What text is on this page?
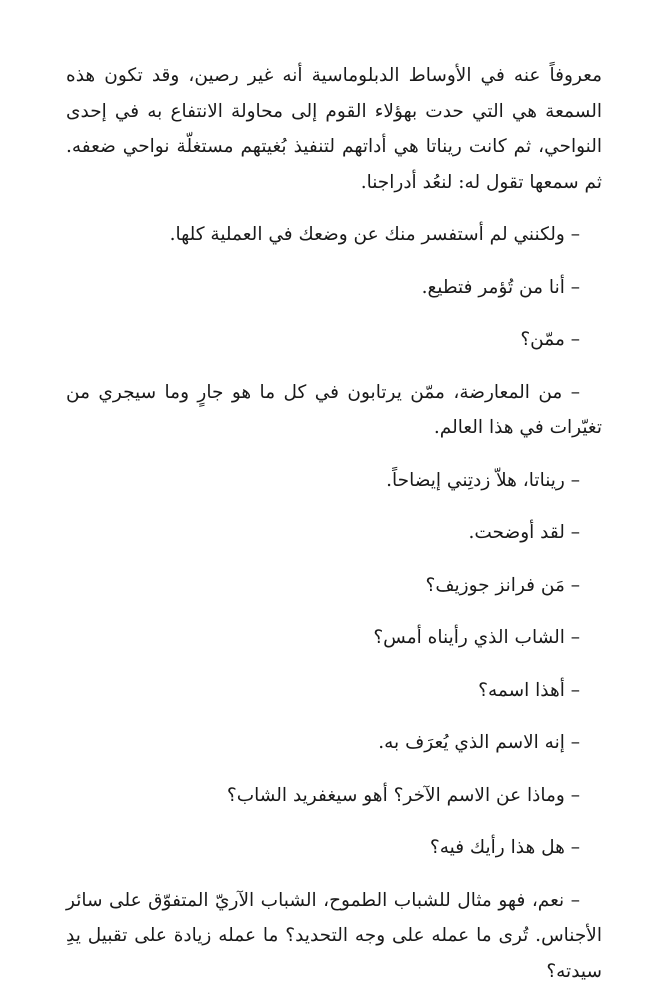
معروفاً عنه في الأوساط الدبلوماسية أنه غير رصين، وقد تكون هذه السمعة هي التي حدت بهؤلاء القوم إلى محاولة الانتفاع به في إحدى النواحي، ثم كانت ريناتا هي أداتهم لتنفيذ بُغيتهم مستغلّة نواحي ضعفه. ثم سمعها تقول له: لنعُد أدراجنا.

– ولكنني لم أستفسر منك عن وضعك في العملية كلها.

– أنا من تُؤمر فتطيع.

– ممّن؟

– من المعارضة، ممّن يرتابون في كل ما هو جارٍ وما سيجري من تغيّرات في هذا العالم.

– ريناتا، هلاّ زدتِني إيضاحاً.

– لقد أوضحت.

– مَن فرانز جوزيف؟

– الشاب الذي رأيناه أمس؟

– أهذا اسمه؟

– إنه الاسم الذي يُعرَف به.

– وماذا عن الاسم الآخر؟ أهو سيغفريد الشاب؟

– هل هذا رأيك فيه؟

– نعم، فهو مثال للشباب الطموح، الشباب الآريّ المتفوّق على سائر الأجناس. تُرى ما عمله على وجه التحديد؟ ما عمله زيادة على تقبيل يدِ سيدته؟
